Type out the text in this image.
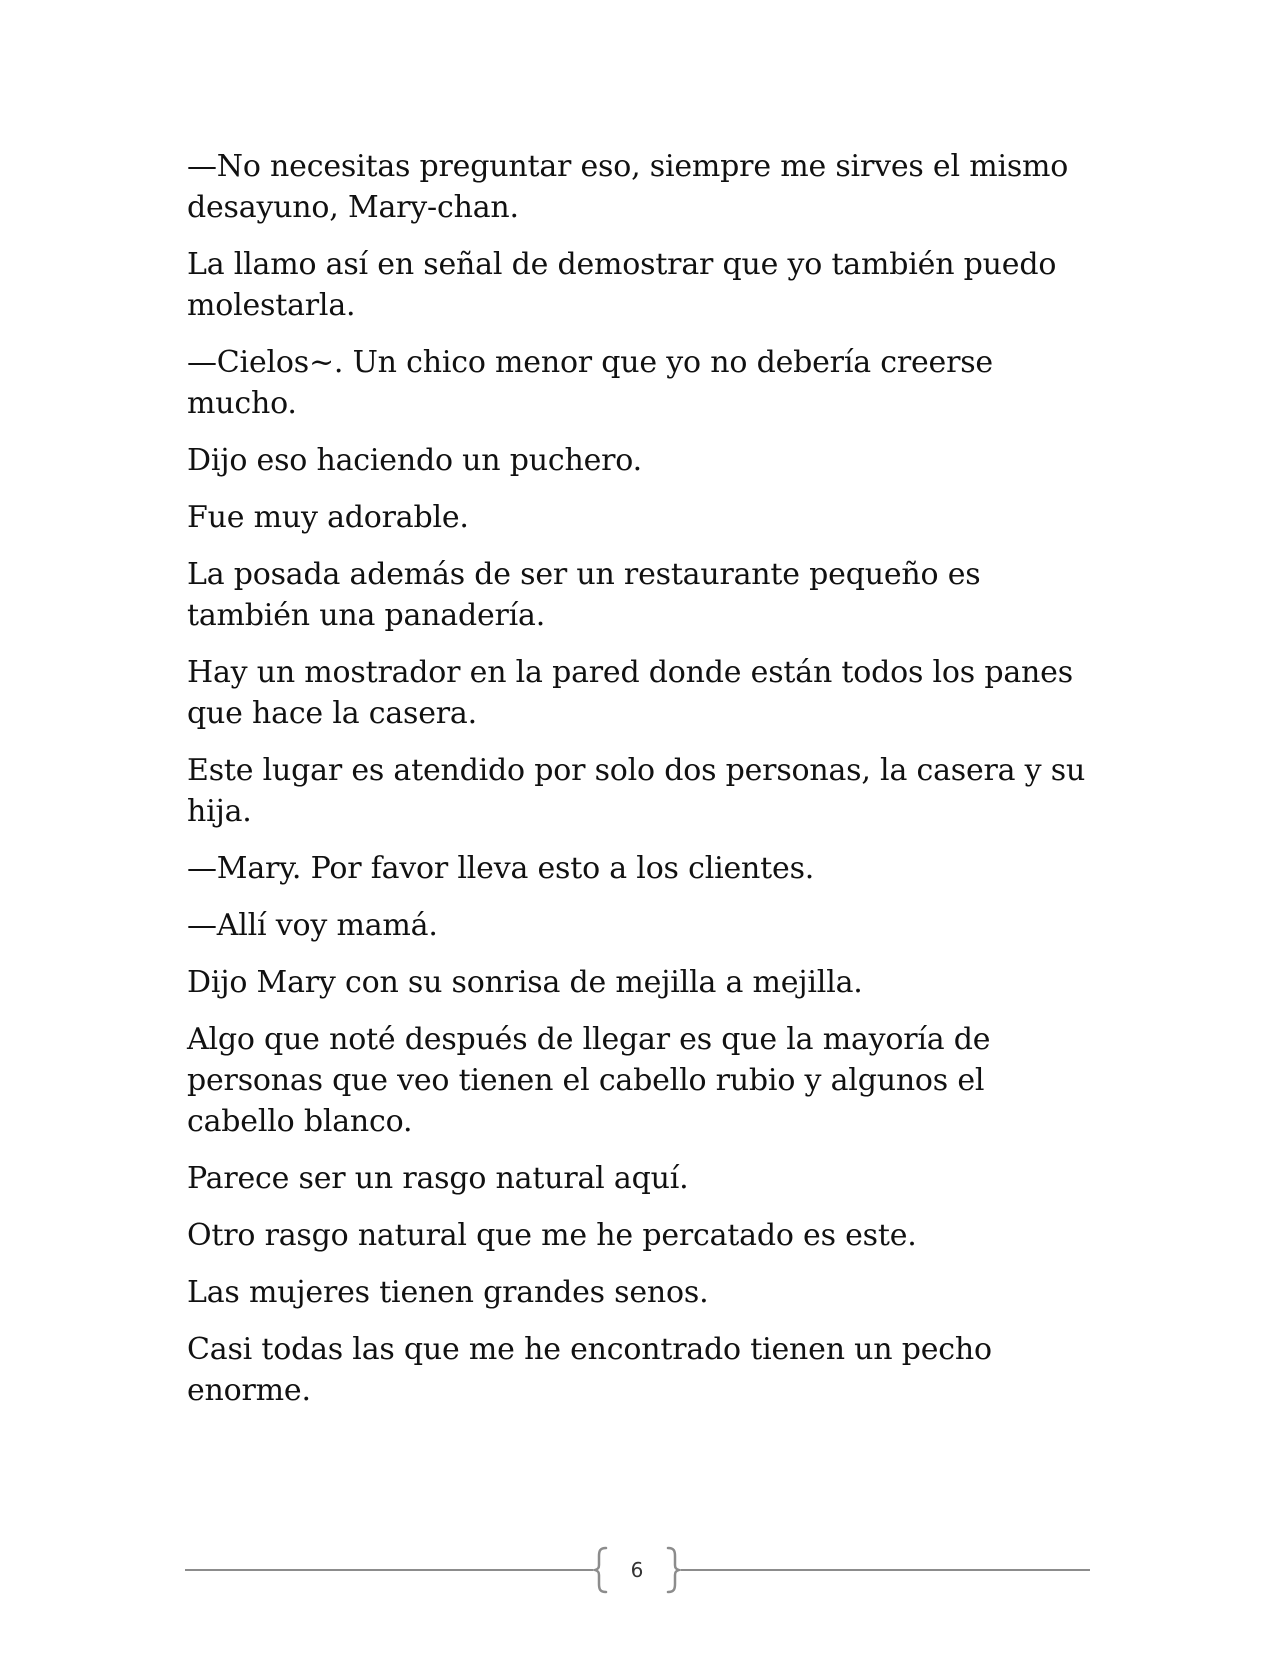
—No necesitas preguntar eso, siempre me sirves el mismo desayuno, Mary-chan.

La llamo así en señal de demostrar que yo también puedo molestarla.

—Cielos~. Un chico menor que yo no debería creerse mucho.

Dijo eso haciendo un puchero.

Fue muy adorable.

La posada además de ser un restaurante pequeño es también una panadería.

Hay un mostrador en la pared donde están todos los panes que hace la casera.

Este lugar es atendido por solo dos personas, la casera y su hija.

—Mary. Por favor lleva esto a los clientes.

—Allí voy mamá.

Dijo Mary con su sonrisa de mejilla a mejilla.

Algo que noté después de llegar es que la mayoría de personas que veo tienen el cabello rubio y algunos el cabello blanco.

Parece ser un rasgo natural aquí.

Otro rasgo natural que me he percatado es este.

Las mujeres tienen grandes senos.

Casi todas las que me he encontrado tienen un pecho enorme.

6
